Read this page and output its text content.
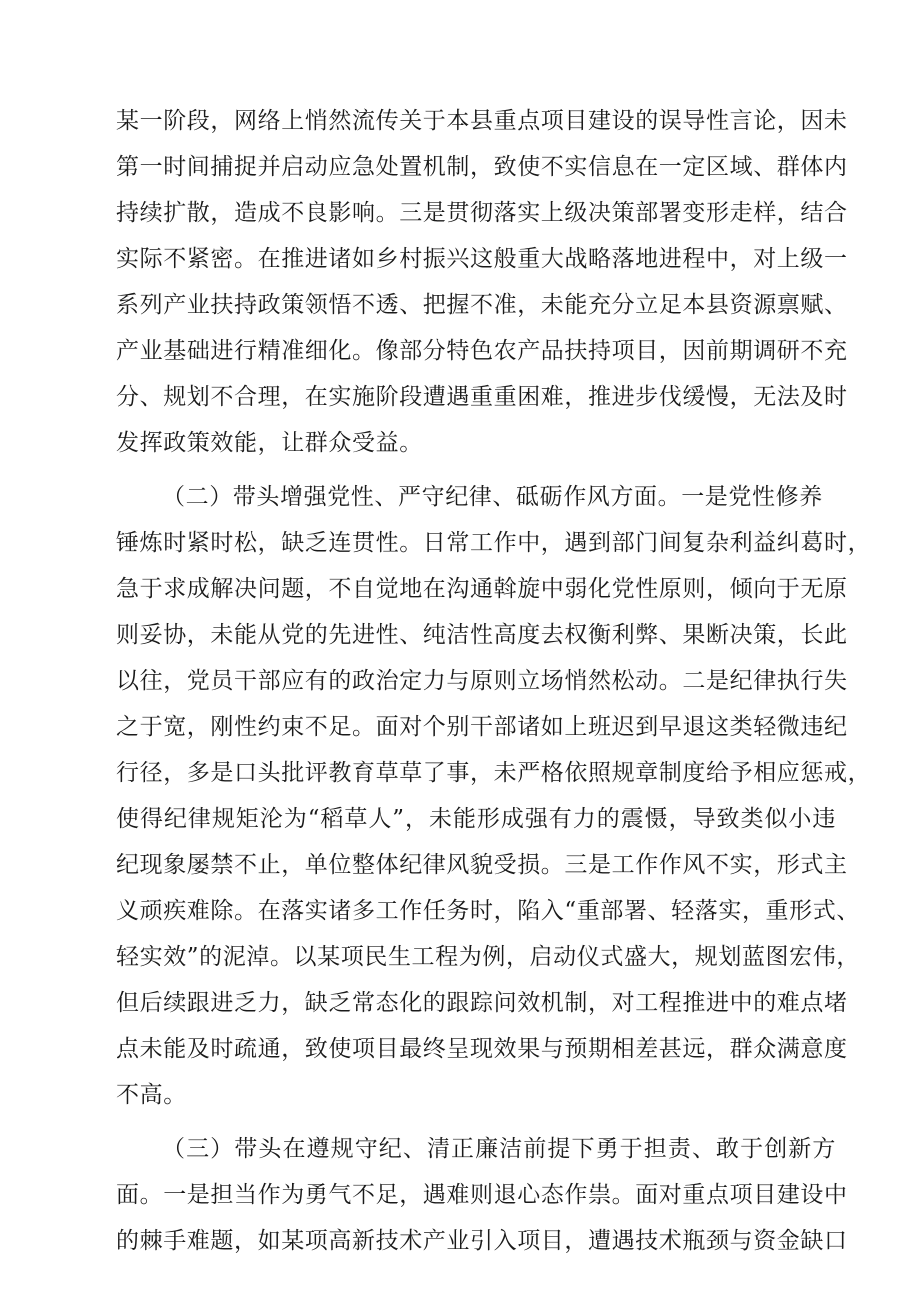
某一阶段，网络上悄然流传关于本县重点项目建设的误导性言论，因未
第一时间捕捉并启动应急处置机制，致使不实信息在一定区域、群体内
持续扩散，造成不良影响。三是贯彻落实上级决策部署变形走样，结合
实际不紧密。在推进诸如乡村振兴这般重大战略落地进程中，对上级一
系列产业扶持政策领悟不透、把握不准，未能充分立足本县资源禀赋、
产业基础进行精准细化。像部分特色农产品扶持项目，因前期调研不充
分、规划不合理，在实施阶段遭遇重重困难，推进步伐缓慢，无法及时
发挥政策效能，让群众受益。
（二）带头增强党性、严守纪律、砥砺作风方面。一是党性修养
锤炼时紧时松，缺乏连贯性。日常工作中，遇到部门间复杂利益纠葛时，
急于求成解决问题，不自觉地在沟通斡旋中弱化党性原则，倾向于无原
则妥协，未能从党的先进性、纯洁性高度去权衡利弊、果断决策，长此
以往，党员干部应有的政治定力与原则立场悄然松动。二是纪律执行失
之于宽，刚性约束不足。面对个别干部诸如上班迟到早退这类轻微违纪
行径，多是口头批评教育草草了事，未严格依照规章制度给予相应惩戒，
使得纪律规矩沦为“稻草人”，未能形成强有力的震慑，导致类似小违
纪现象屡禁不止，单位整体纪律风貌受损。三是工作作风不实，形式主
义顽疾难除。在落实诸多工作任务时，陷入“重部署、轻落实，重形式、
轻实效”的泥淖。以某项民生工程为例，启动仪式盛大，规划蓝图宏伟，
但后续跟进乏力，缺乏常态化的跟踪问效机制，对工程推进中的难点堵
点未能及时疏通，致使项目最终呈现效果与预期相差甚远，群众满意度
不高。
（三）带头在遵规守纪、清正廉洁前提下勇于担责、敢于创新方
面。一是担当作为勇气不足，遇难则退心态作祟。面对重点项目建设中
的棘手难题，如某项高新技术产业引入项目，遭遇技术瓶颈与资金缺口
